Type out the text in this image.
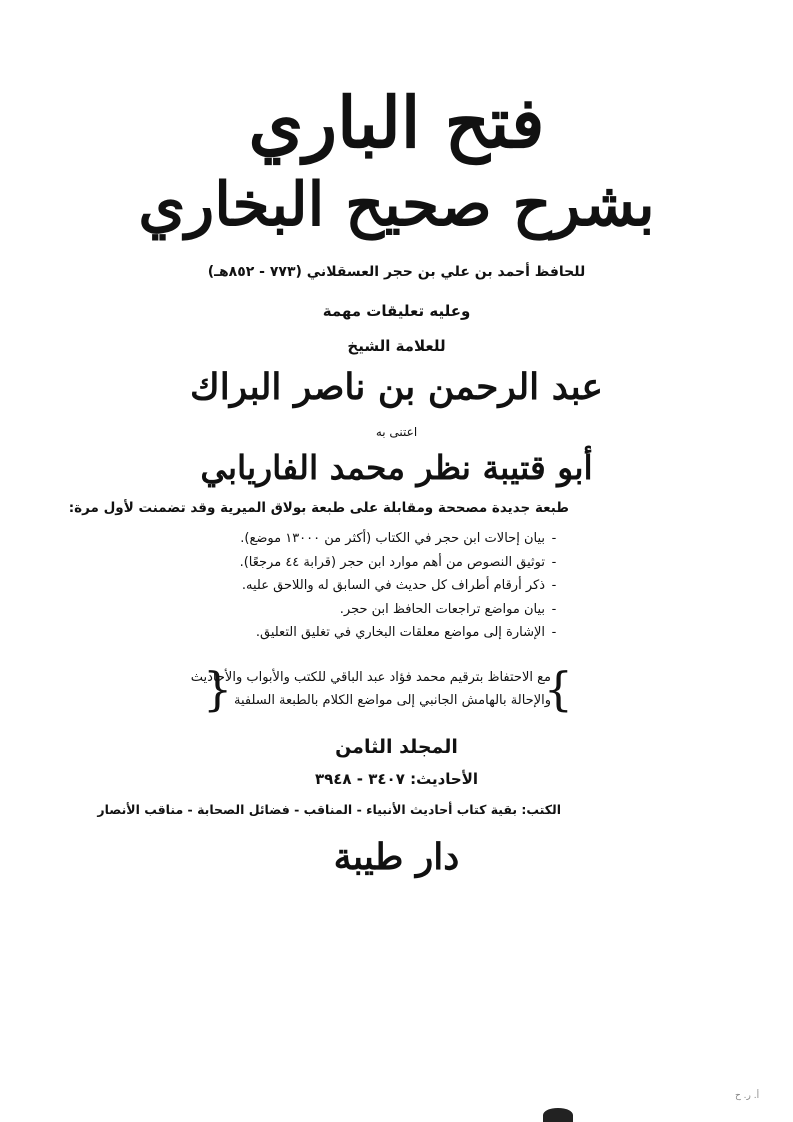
فتح الباري
بشرح صحيح البخاري
للحافظ أحمد بن علي بن حجر العسقلاني (٧٧٣ - ٨٥٢هـ)
وعليه تعليقات مهمة
للعلامة الشيخ
عبد الرحمن بن ناصر البراك
اعتنى به
أبو قتيبة نظر محمد الفاريابي
طبعة جديدة مصححة ومقابلة على طبعة بولاق الميرية وقد تضمنت لأول مرة:
-بيان إحالات ابن حجر في الكتاب (أكثر من ١٣٠٠٠ موضع).
-توثيق النصوص من أهم موارد ابن حجر (قرابة ٤٤ مرجعًا).
-ذكر أرقام أطراف كل حديث في السابق له واللاحق عليه.
-بيان مواضع تراجعات الحافظ ابن حجر.
-الإشارة إلى مواضع معلقات البخاري في تغليق التعليق.
}
مع الاحتفاظ بترقيم محمد فؤاد عبد الباقي للكتب والأبواب والأحاديث
والإحالة بالهامش الجانبي إلى مواضع الكلام بالطبعة السلفية
{
المجلد الثامن
الأحاديث: ٣٤٠٧ - ٣٩٤٨
الكتب: بقية كتاب أحاديث الأنبياء - المناقب - فضائل الصحابة - مناقب الأنصار
دار طيبة
أ. ر. ح
